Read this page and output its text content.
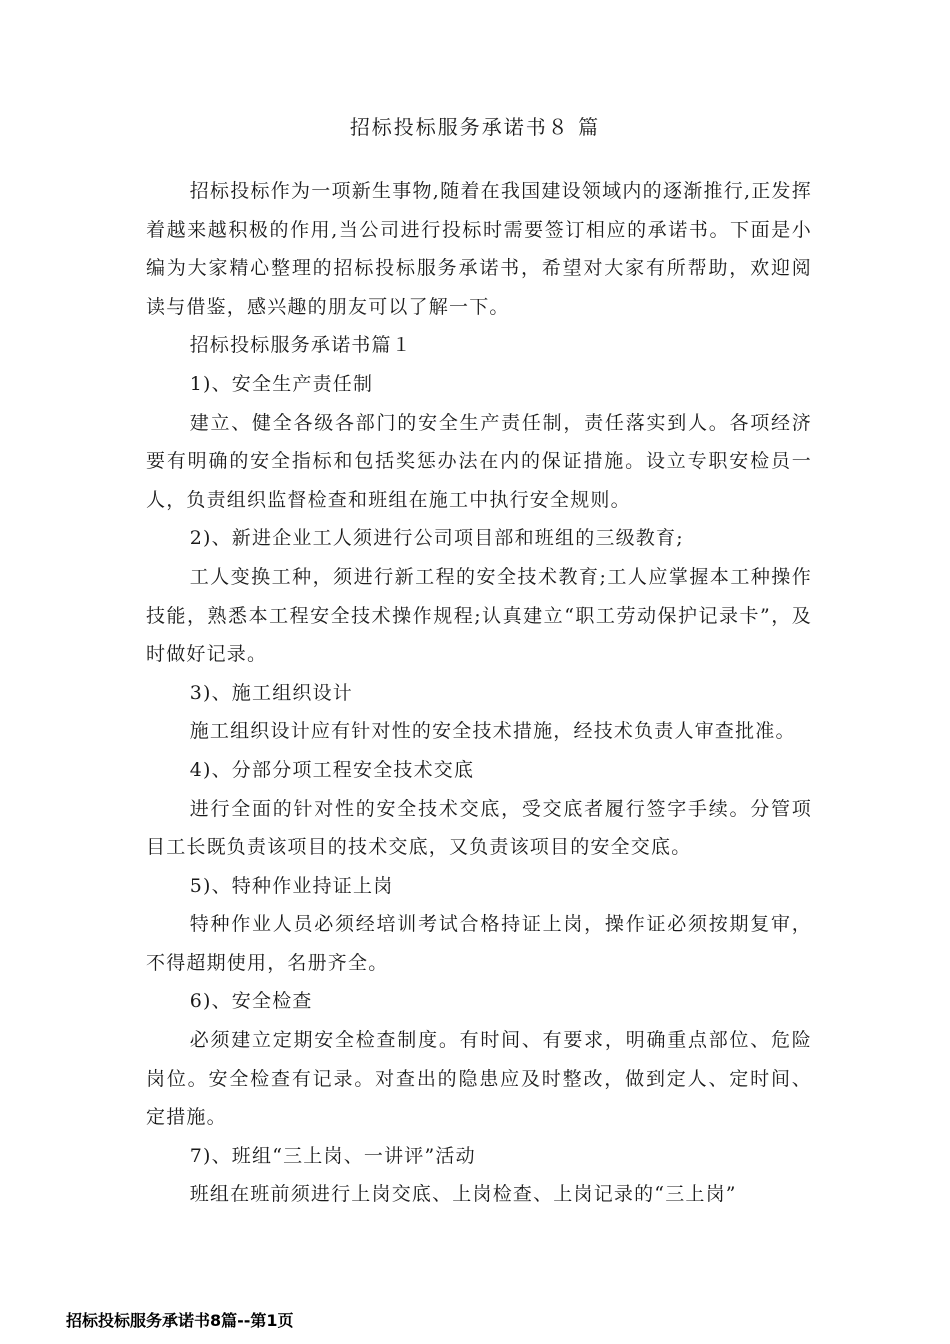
招标投标服务承诺书８ 篇

招标投标作为一项新生事物,随着在我国建设领域内的逐渐推行,正发挥着越来越积极的作用,当公司进行投标时需要签订相应的承诺书。下面是小编为大家精心整理的招标投标服务承诺书，希望对大家有所帮助，欢迎阅读与借鉴，感兴趣的朋友可以了解一下。

招标投标服务承诺书篇１

1)、安全生产责任制

建立、健全各级各部门的安全生产责任制，责任落实到人。各项经济要有明确的安全指标和包括奖惩办法在内的保证措施。设立专职安检员一人，负责组织监督检查和班组在施工中执行安全规则。

2)、新进企业工人须进行公司项目部和班组的三级教育;

工人变换工种，须进行新工程的安全技术教育;工人应掌握本工种操作技能，熟悉本工程安全技术操作规程;认真建立“职工劳动保护记录卡”，及时做好记录。

3)、施工组织设计

施工组织设计应有针对性的安全技术措施，经技术负责人审查批准。

4)、分部分项工程安全技术交底

进行全面的针对性的安全技术交底，受交底者履行签字手续。分管项目工长既负责该项目的技术交底，又负责该项目的安全交底。

5)、特种作业持证上岗

特种作业人员必须经培训考试合格持证上岗，操作证必须按期复审，不得超期使用，名册齐全。

6)、安全检查

必须建立定期安全检查制度。有时间、有要求，明确重点部位、危险岗位。安全检查有记录。对查出的隐患应及时整改，做到定人、定时间、定措施。

7)、班组“三上岗、一讲评”活动

班组在班前须进行上岗交底、上岗检查、上岗记录的“三上岗”

招标投标服务承诺书8篇--第1页
